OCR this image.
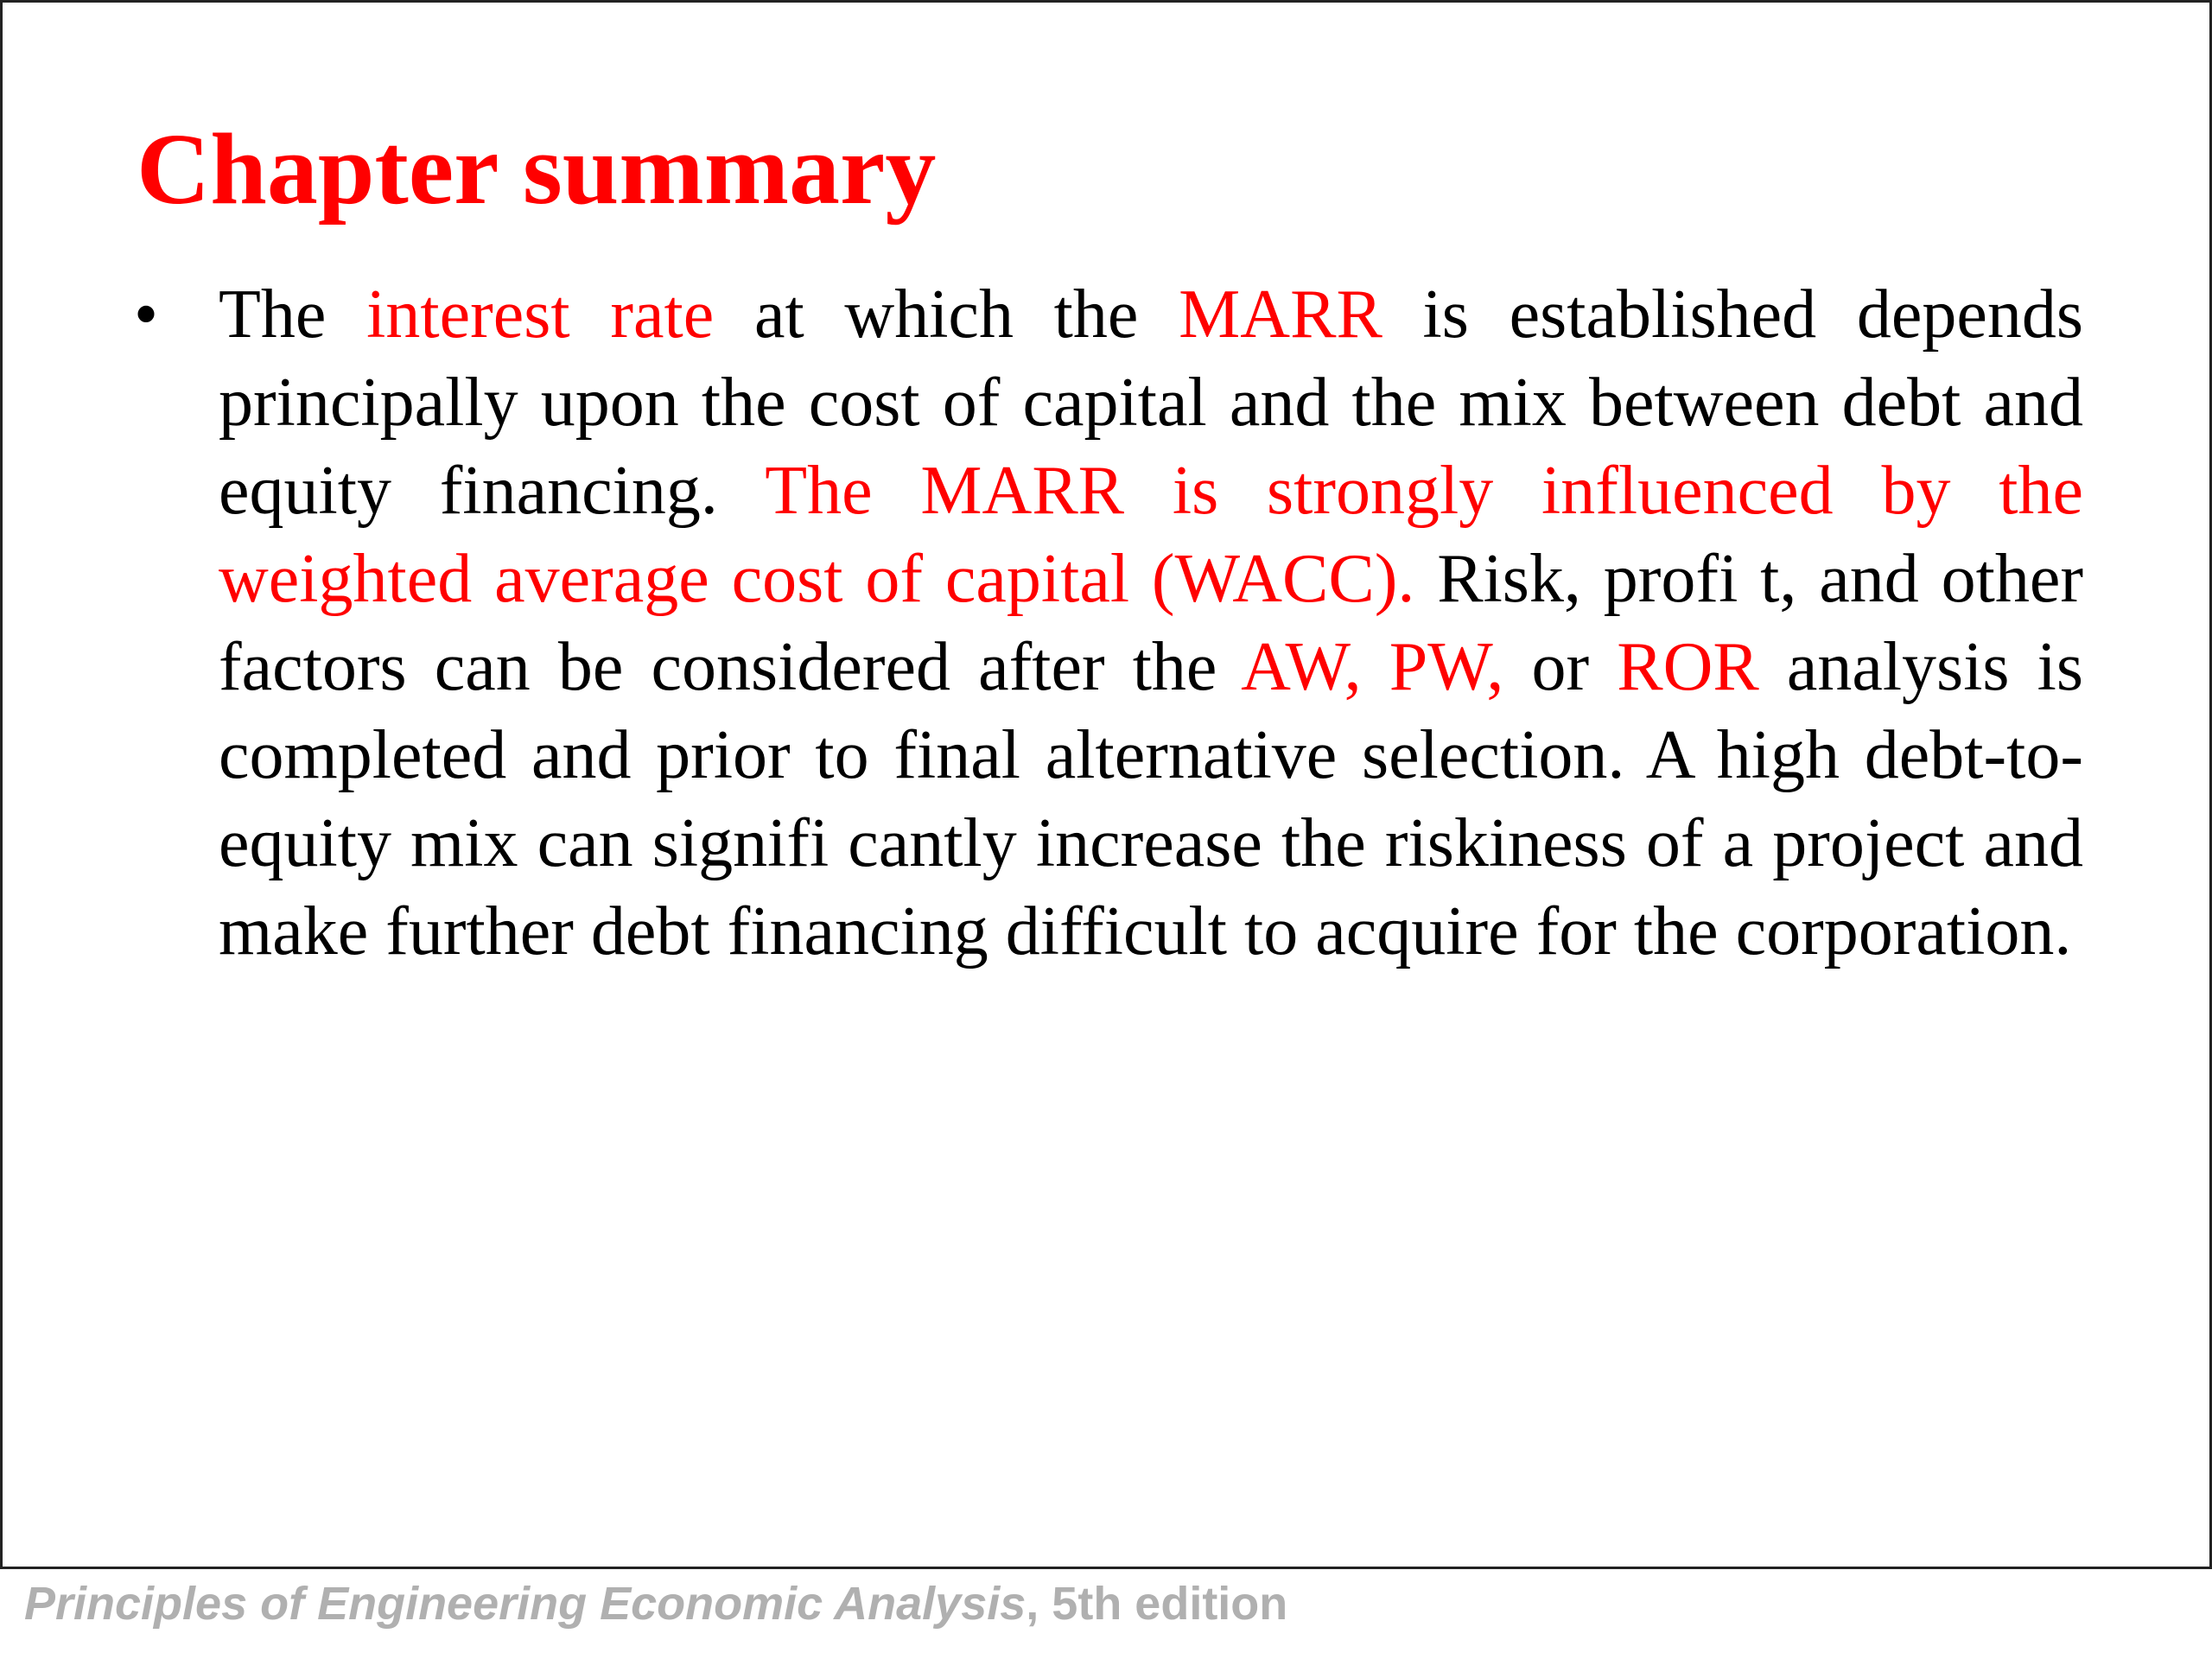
Chapter summary
• The interest rate at which the MARR is established depends principally upon the cost of capital and the mix between debt and equity financing. The MARR is strongly influenced by the weighted average cost of capital (WACC). Risk, profi t, and other factors can be considered after the AW, PW, or ROR analysis is completed and prior to final alternative selection. A high debt-to-equity mix can signifi cantly increase the riskiness of a project and make further debt financing difficult to acquire for the corporation.
Principles of Engineering Economic Analysis, 5th edition
